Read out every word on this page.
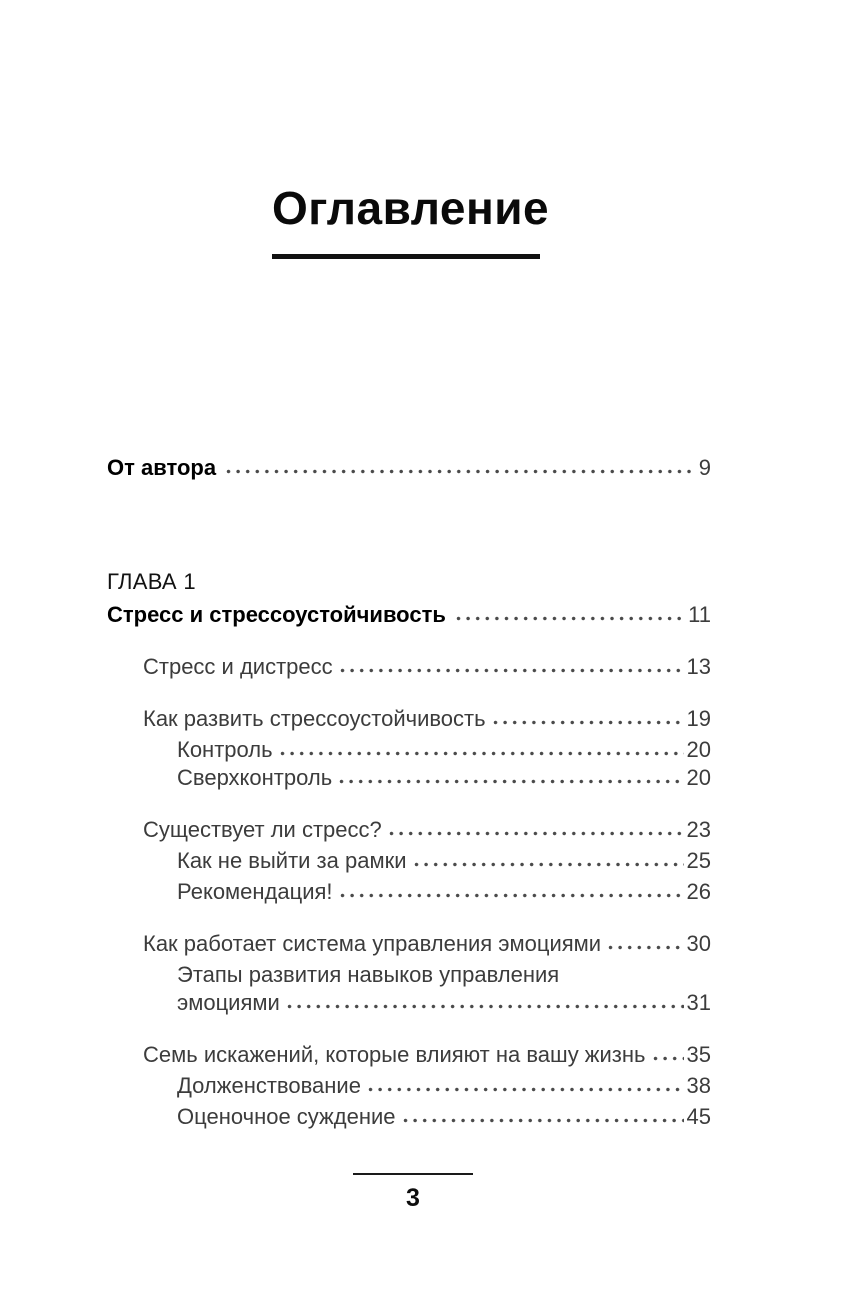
Оглавление
От автора	9
ГЛАВА 1
Стресс и стрессоустойчивость	11
Стресс и дистресс	13
Как развить стрессоустойчивость	19
Контроль	20
Сверхконтроль	20
Существует ли стресс?	23
Как не выйти за рамки	25
Рекомендация!	26
Как работает система управления эмоциями	30
Этапы развития навыков управления
эмоциями	31
Семь искажений, которые влияют на вашу жизнь 35
Долженствование	38
Оценочное суждение	45
3
